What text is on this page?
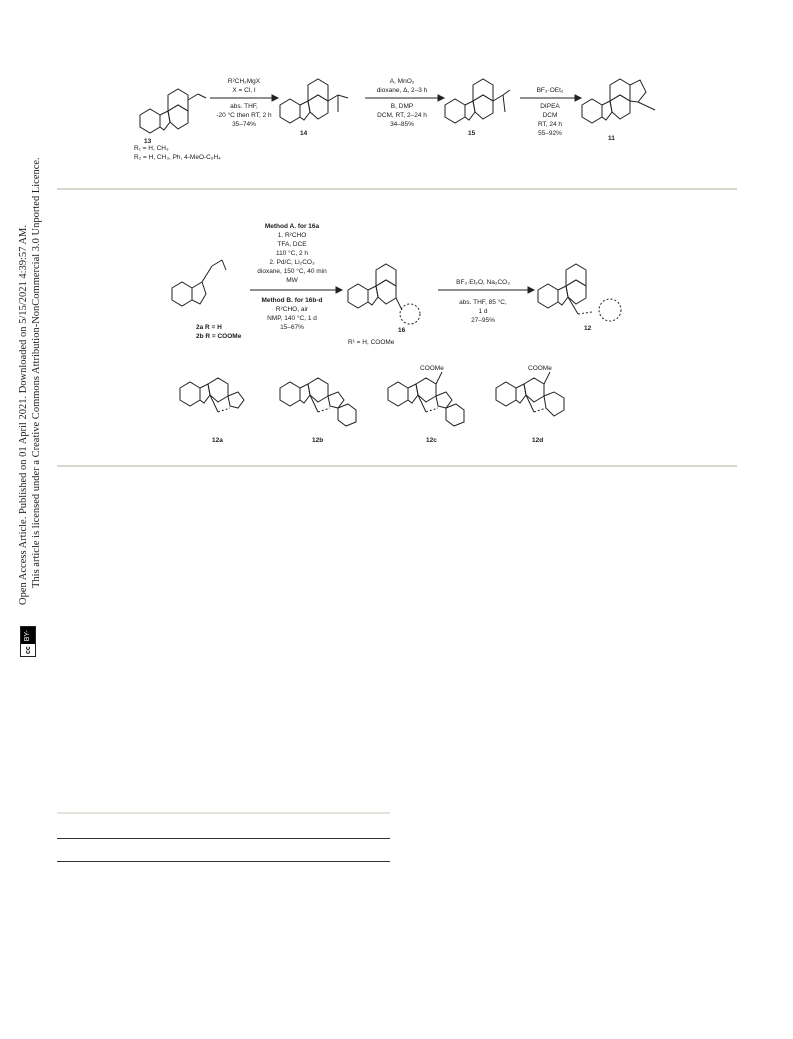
Open Access Article. Published on 01 April 2021. Downloaded on 5/15/2021 4:39:57 AM. This article is licensed under a Creative Commons Attribution-NonCommercial 3.0 Unported Licence.
cc
BY-NC
13
14	15
11
R²CH₂MgX
X = Cl, I
abs. THF,
-20 °C then RT, 2 h
35–74%
A, MnO₂
dioxane, Δ, 2–3 h
B, DMP
DCM, RT, 2–24 h
34–85%
BF₃·OEt₂
DIPEA
DCM
RT, 24 h
55–92%
R₁ = H, CH₃
R₂ = H, CH₃, Ph, 4-MeO-C₆H₄
Method A. for 16a
1. R²CHO
TFA, DCE
110 °C, 2 h
2. Pd/C, Li₂CO₃
dioxane, 150 °C, 40 min
MW
Method B. for 16b-d
R²CHO, air
NMP, 140 °C, 1 d
15–67%
BF₃·Et₂O, Na₂CO₃
abs. THF, 85 °C,
1 d
27–95%
2a R = H
2b R = COOMe
16	12
R¹ = H, COOMe
COOMe	COOMe
12a	12b	12c	12d
